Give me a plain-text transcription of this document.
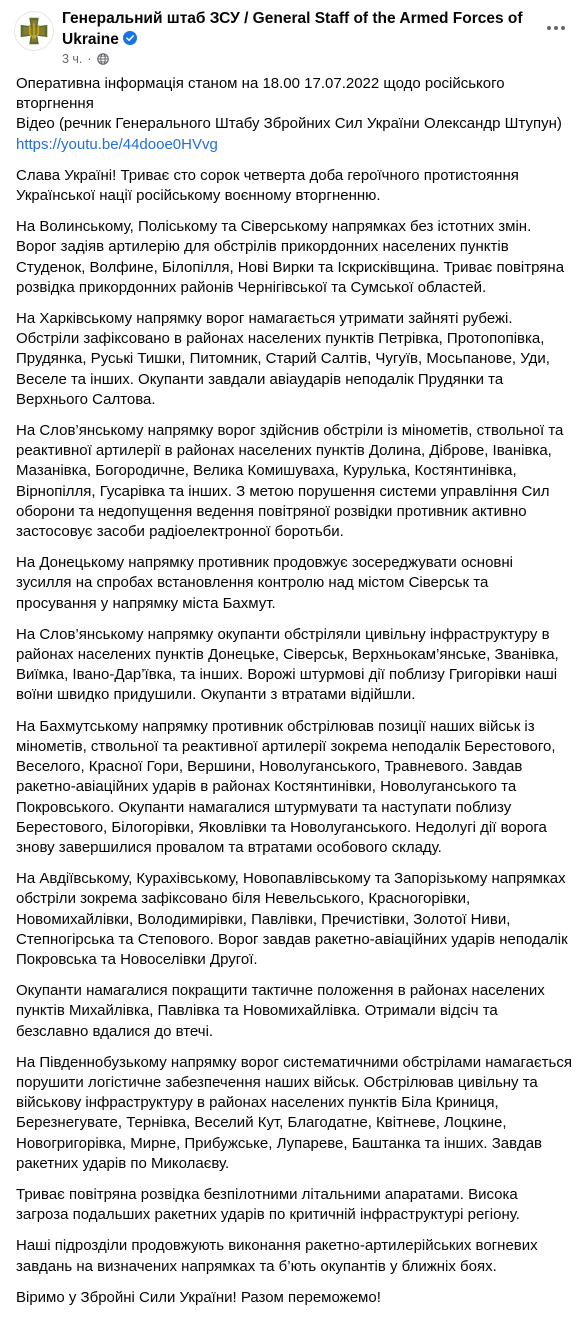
Генеральний штаб ЗСУ / General Staff of the Armed Forces of Ukraine
3 ч. ·

Оперативна інформація станом на 18.00 17.07.2022 щодо російського вторгнення
Відео (речник Генерального Штабу Збройних Сил України Олександр Штупун)
https://youtu.be/44dooe0HVvg

Слава Україні! Триває сто сорок четверта доба героїчного протистояння Української нації російському воєнному вторгненню.

На Волинському, Поліському та Сіверському напрямках без істотних змін. Ворог задіяв артилерію для обстрілів прикордонних населених пунктів Студенок, Волфине, Білопілля, Нові Вирки та Іскрисківщина. Триває повітряна розвідка прикордонних районів Чернігівської та Сумської областей.

На Харківському напрямку ворог намагається утримати зайняті рубежі. Обстріли зафіксовано в районах населених пунктів Петрівка, Протопопівка, Прудянка, Руські Тишки, Питомник, Старий Салтів, Чугуїв, Мосьпанове, Уди, Веселе та інших. Окупанти завдали авіаударів неподалік Прудянки та Верхнього Салтова.

На Слов’янському напрямку ворог здійснив обстріли із мінометів, ствольної та реактивної артилерії в районах населених пунктів Долина, Діброве, Іванівка, Мазанівка, Богородичне, Велика Комишуваха, Курулька, Костянтинівка, Вірнопілля, Гусарівка та інших. З метою порушення системи управління Сил оборони та недопущення ведення повітряної розвідки противник активно застосовує засоби радіоелектронної боротьби.

На Донецькому напрямку противник продовжує зосереджувати основні зусилля на спробах встановлення контролю над містом Сіверськ та просування у напрямку міста Бахмут.

На Слов’янському напрямку окупанти обстріляли цивільну інфраструктуру в районах населених пунктів Донецьке, Сіверськ, Верхньокам’янське, Званівка, Виїмка, Івано-Дар’ївка, та інших. Ворожі штурмові дії поблизу Григорівки наші воїни швидко придушили. Окупанти з втратами відійшли.

На Бахмутському напрямку противник обстрілював позиції наших військ із мінометів, ствольної та реактивної артилерії зокрема неподалік Берестового, Веселого, Красної Гори, Вершини, Новолуганського, Травневого. Завдав ракетно-авіаційних ударів в районах Костянтинівки, Новолуганського та Покровського. Окупанти намагалися штурмувати та наступати поблизу Берестового, Білогорівки, Яковлівки та Новолуганського. Недолугі дії ворога знову завершилися провалом та втратами особового складу.

На Авдіївському, Курахівському, Новопавлівському та Запорізькому напрямках обстріли зокрема зафіксовано біля Невельського, Красногорівки, Новомихайлівки, Володимирівки, Павлівки, Пречистівки, Золотої Ниви, Степногірська та Степового. Ворог завдав ракетно-авіаційних ударів неподалік Покровська та Новоселівки Другої.

Окупанти намагалися покращити тактичне положення в районах населених пунктів Михайлівка, Павлівка та Новомихайлівка. Отримали відсіч та безславно вдалися до втечі.

На Південнобузькому напрямку ворог систематичними обстрілами намагається порушити логістичне забезпечення наших військ. Обстрілював цивільну та військову інфраструктуру в районах населених пунктів Біла Криниця, Березнегувате, Тернівка, Веселий Кут, Благодатне, Квітневе, Лоцкине, Новогригорівка, Мирне, Прибужське, Лупареве, Баштанка та інших. Завдав ракетних ударів по Миколаєву.

Триває повітряна розвідка безпілотними літальними апаратами. Висока загроза подальших ракетних ударів по критичній інфраструктурі регіону.

Наші підрозділи продовжують виконання ракетно-артилерійських вогневих завдань на визначених напрямках та б’ють окупантів у ближніх боях.

Віримо у Збройні Сили України! Разом переможемо!
